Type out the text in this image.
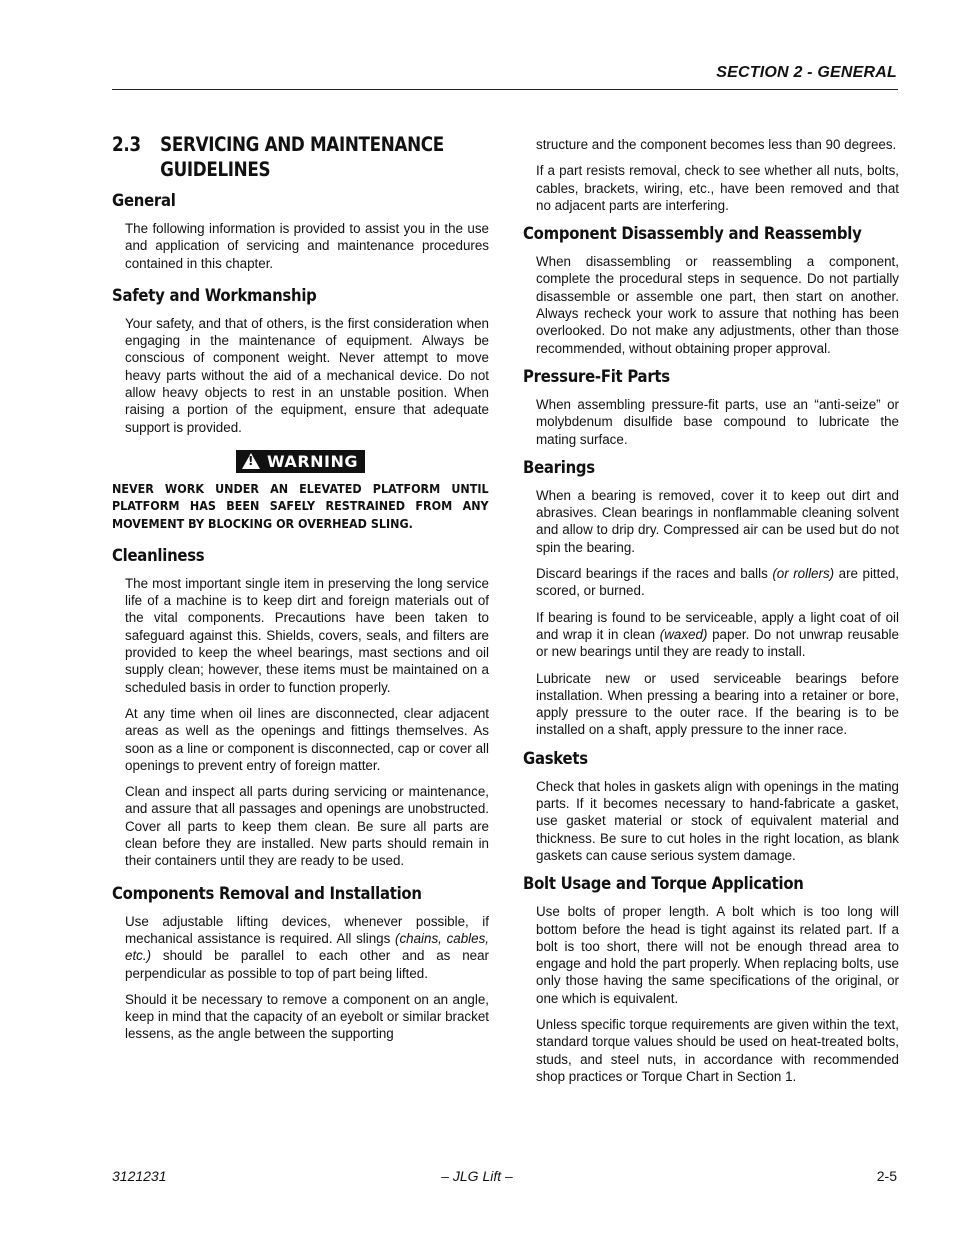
SECTION 2 - GENERAL
2.3 SERVICING AND MAINTENANCE
GUIDELINES
General

The following information is provided to assist you in the use and application of servicing and maintenance procedures contained in this chapter.

Safety and Workmanship

Your safety, and that of others, is the first consideration when engaging in the maintenance of equipment. Always be conscious of component weight. Never attempt to move heavy parts without the aid of a mechanical device. Do not allow heavy objects to rest in an unstable position. When raising a portion of the equipment, ensure that adequate support is provided.

!WARNING
NEVER WORK UNDER AN ELEVATED PLATFORM UNTIL PLATFORM HAS BEEN SAFELY RESTRAINED FROM ANY MOVEMENT BY BLOCKING OR OVERHEAD SLING.
Cleanliness

The most important single item in preserving the long service life of a machine is to keep dirt and foreign materials out of the vital components. Precautions have been taken to safeguard against this. Shields, covers, seals, and filters are provided to keep the wheel bearings, mast sections and oil supply clean; however, these items must be maintained on a scheduled basis in order to function properly.

At any time when oil lines are disconnected, clear adjacent areas as well as the openings and fittings themselves. As soon as a line or component is disconnected, cap or cover all openings to prevent entry of foreign matter.

Clean and inspect all parts during servicing or maintenance, and assure that all passages and openings are unobstructed. Cover all parts to keep them clean. Be sure all parts are clean before they are installed. New parts should remain in their containers until they are ready to be used.

Components Removal and Installation

Use adjustable lifting devices, whenever possible, if mechanical assistance is required. All slings (chains, cables, etc.) should be parallel to each other and as near perpendicular as possible to top of part being lifted.

Should it be necessary to remove a component on an angle, keep in mind that the capacity of an eyebolt or similar bracket lessens, as the angle between the supporting

structure and the component becomes less than 90 degrees.

If a part resists removal, check to see whether all nuts, bolts, cables, brackets, wiring, etc., have been removed and that no adjacent parts are interfering.

Component Disassembly and Reassembly

When disassembling or reassembling a component, complete the procedural steps in sequence. Do not partially disassemble or assemble one part, then start on another. Always recheck your work to assure that nothing has been overlooked. Do not make any adjustments, other than those recommended, without obtaining proper approval.

Pressure-Fit Parts

When assembling pressure-fit parts, use an “anti-seize” or molybdenum disulfide base compound to lubricate the mating surface.

Bearings

When a bearing is removed, cover it to keep out dirt and abrasives. Clean bearings in nonflammable cleaning solvent and allow to drip dry. Compressed air can be used but do not spin the bearing.

Discard bearings if the races and balls (or rollers) are pitted, scored, or burned.

If bearing is found to be serviceable, apply a light coat of oil and wrap it in clean (waxed) paper. Do not unwrap reusable or new bearings until they are ready to install.

Lubricate new or used serviceable bearings before installation. When pressing a bearing into a retainer or bore, apply pressure to the outer race. If the bearing is to be installed on a shaft, apply pressure to the inner race.

Gaskets

Check that holes in gaskets align with openings in the mating parts. If it becomes necessary to hand-fabricate a gasket, use gasket material or stock of equivalent material and thickness. Be sure to cut holes in the right location, as blank gaskets can cause serious system damage.

Bolt Usage and Torque Application

Use bolts of proper length. A bolt which is too long will bottom before the head is tight against its related part. If a bolt is too short, there will not be enough thread area to engage and hold the part properly. When replacing bolts, use only those having the same specifications of the original, or one which is equivalent.

Unless specific torque requirements are given within the text, standard torque values should be used on heat-treated bolts, studs, and steel nuts, in accordance with recommended shop practices or Torque Chart in Section 1.

3121231	– JLG Lift –	2-5
